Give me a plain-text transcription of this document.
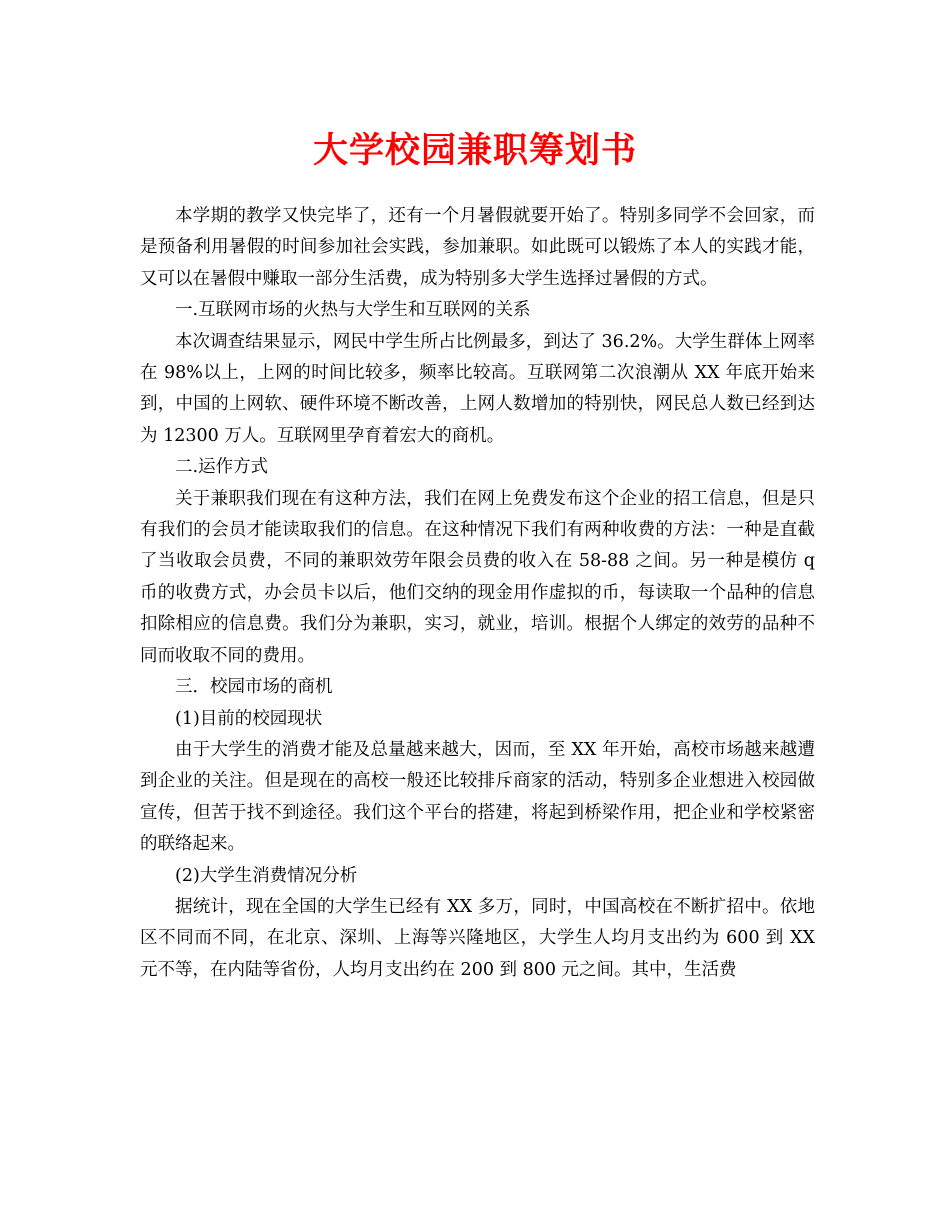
大学校园兼职筹划书

本学期的教学又快完毕了，还有一个月暑假就要开始了。特别多同学不会回家，而是预备利用暑假的时间参加社会实践，参加兼职。如此既可以锻炼了本人的实践才能，又可以在暑假中赚取一部分生活费，成为特别多大学生选择过暑假的方式。

一.互联网市场的火热与大学生和互联网的关系

本次调查结果显示，网民中学生所占比例最多，到达了 36.2%。大学生群体上网率在 98%以上，上网的时间比较多，频率比较高。互联网第二次浪潮从 XX 年底开始来到，中国的上网软、硬件环境不断改善，上网人数增加的特别快，网民总人数已经到达为 12300 万人。互联网里孕育着宏大的商机。

二.运作方式

关于兼职我们现在有这种方法，我们在网上免费发布这个企业的招工信息，但是只有我们的会员才能读取我们的信息。在这种情况下我们有两种收费的方法：一种是直截了当收取会员费，不同的兼职效劳年限会员费的收入在 58-88 之间。另一种是模仿 q 币的收费方式，办会员卡以后，他们交纳的现金用作虚拟的币，每读取一个品种的信息扣除相应的信息费。我们分为兼职，实习，就业，培训。根据个人绑定的效劳的品种不同而收取不同的费用。

三．校园市场的商机

(1)目前的校园现状

由于大学生的消费才能及总量越来越大，因而，至 XX 年开始，高校市场越来越遭到企业的关注。但是现在的高校一般还比较排斥商家的活动，特别多企业想进入校园做宣传，但苦于找不到途径。我们这个平台的搭建，将起到桥梁作用，把企业和学校紧密的联络起来。

(2)大学生消费情况分析

据统计，现在全国的大学生已经有 XX 多万，同时，中国高校在不断扩招中。依地区不同而不同，在北京、深圳、上海等兴隆地区，大学生人均月支出约为 600 到 XX 元不等，在内陆等省份，人均月支出约在 200 到 800 元之间。其中，生活费
